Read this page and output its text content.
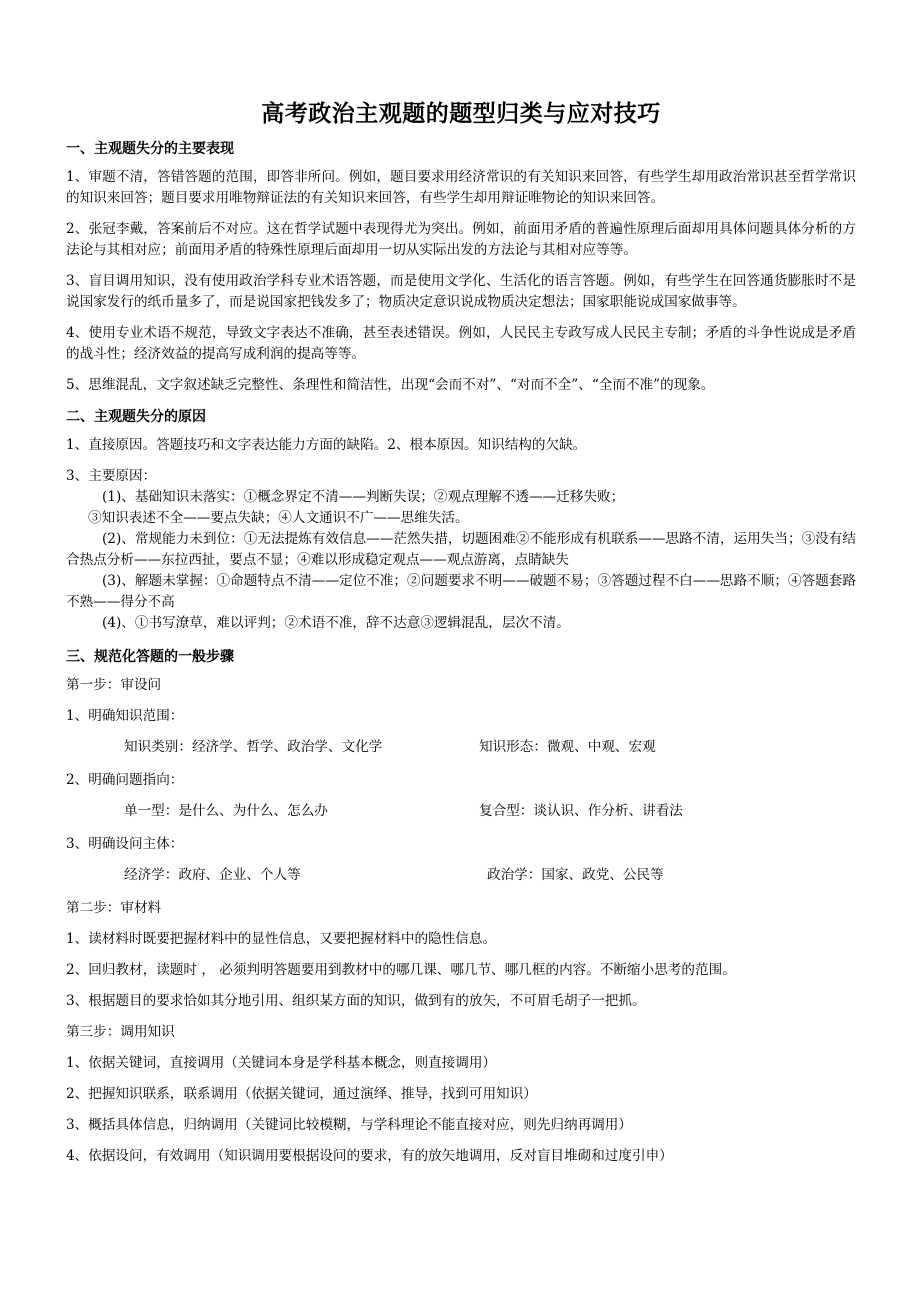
高考政治主观题的题型归类与应对技巧
一、主观题失分的主要表现

1、审题不清，答错答题的范围，即答非所问。例如，题目要求用经济常识的有关知识来回答，有些学生却用政治常识甚至哲学常识的知识来回答；题目要求用唯物辩证法的有关知识来回答，有些学生却用辩证唯物论的知识来回答。

2、张冠李戴，答案前后不对应。这在哲学试题中表现得尤为突出。例如，前面用矛盾的普遍性原理后面却用具体问题具体分析的方法论与其相对应；前面用矛盾的特殊性原理后面却用一切从实际出发的方法论与其相对应等等。

3、盲目调用知识，没有使用政治学科专业术语答题，而是使用文学化、生活化的语言答题。例如，有些学生在回答通货膨胀时不是说国家发行的纸币量多了，而是说国家把钱发多了；物质决定意识说成物质决定想法；国家职能说成国家做事等。

4、使用专业术语不规范，导致文字表达不准确，甚至表述错误。例如，人民民主专政写成人民民主专制；矛盾的斗争性说成是矛盾的战斗性；经济效益的提高写成利润的提高等等。

5、思维混乱，文字叙述缺乏完整性、条理性和简洁性，出现“会而不对”、“对而不全”、“全而不准”的现象。

二、主观题失分的原因

1、直接原因。答题技巧和文字表达能力方面的缺陷。2、根本原因。知识结构的欠缺。

3、主要原因：

(1)、基础知识未落实：①概念界定不清——判断失误；②观点理解不透——迁移失败；

③知识表述不全——要点失缺；④人文通识不广——思维失活。

(2)、常规能力未到位：①无法提炼有效信息——茫然失措，切题困难②不能形成有机联系——思路不清，运用失当；③没有结合热点分析——东拉西扯，要点不显；④难以形成稳定观点——观点游离，点睛缺失

(3)、解题未掌握：①命题特点不清——定位不准；②问题要求不明——破题不易；③答题过程不白——思路不顺；④答题套路不熟——得分不高

(4)、①书写潦草，难以评判；②术语不准，辞不达意③逻辑混乱，层次不清。

三、规范化答题的一般步骤

第一步：审设问

1、明确知识范围：

知识类别：经济学、哲学、政治学、文化学	知识形态：微观、中观、宏观

2、明确问题指向：

单一型：是什么、为什么、怎么办	复合型：谈认识、作分析、讲看法

3、明确设问主体：

经济学：政府、企业、个人等	政治学：国家、政党、公民等

第二步：审材料

1、读材料时既要把握材料中的显性信息，又要把握材料中的隐性信息。

2、回归教材，读题时 ， 必须判明答题要用到教材中的哪几课、哪几节、哪几框的内容。不断缩小思考的范围。

3、根据题目的要求恰如其分地引用、组织某方面的知识，做到有的放矢，不可眉毛胡子一把抓。

第三步：调用知识

1、依据关键词，直接调用（关键词本身是学科基本概念，则直接调用）

2、把握知识联系，联系调用（依据关键词，通过演绎、推导，找到可用知识）

3、概括具体信息，归纳调用（关键词比较模糊，与学科理论不能直接对应，则先归纳再调用）

4、依据设问，有效调用（知识调用要根据设问的要求，有的放矢地调用，反对盲目堆砌和过度引申）
